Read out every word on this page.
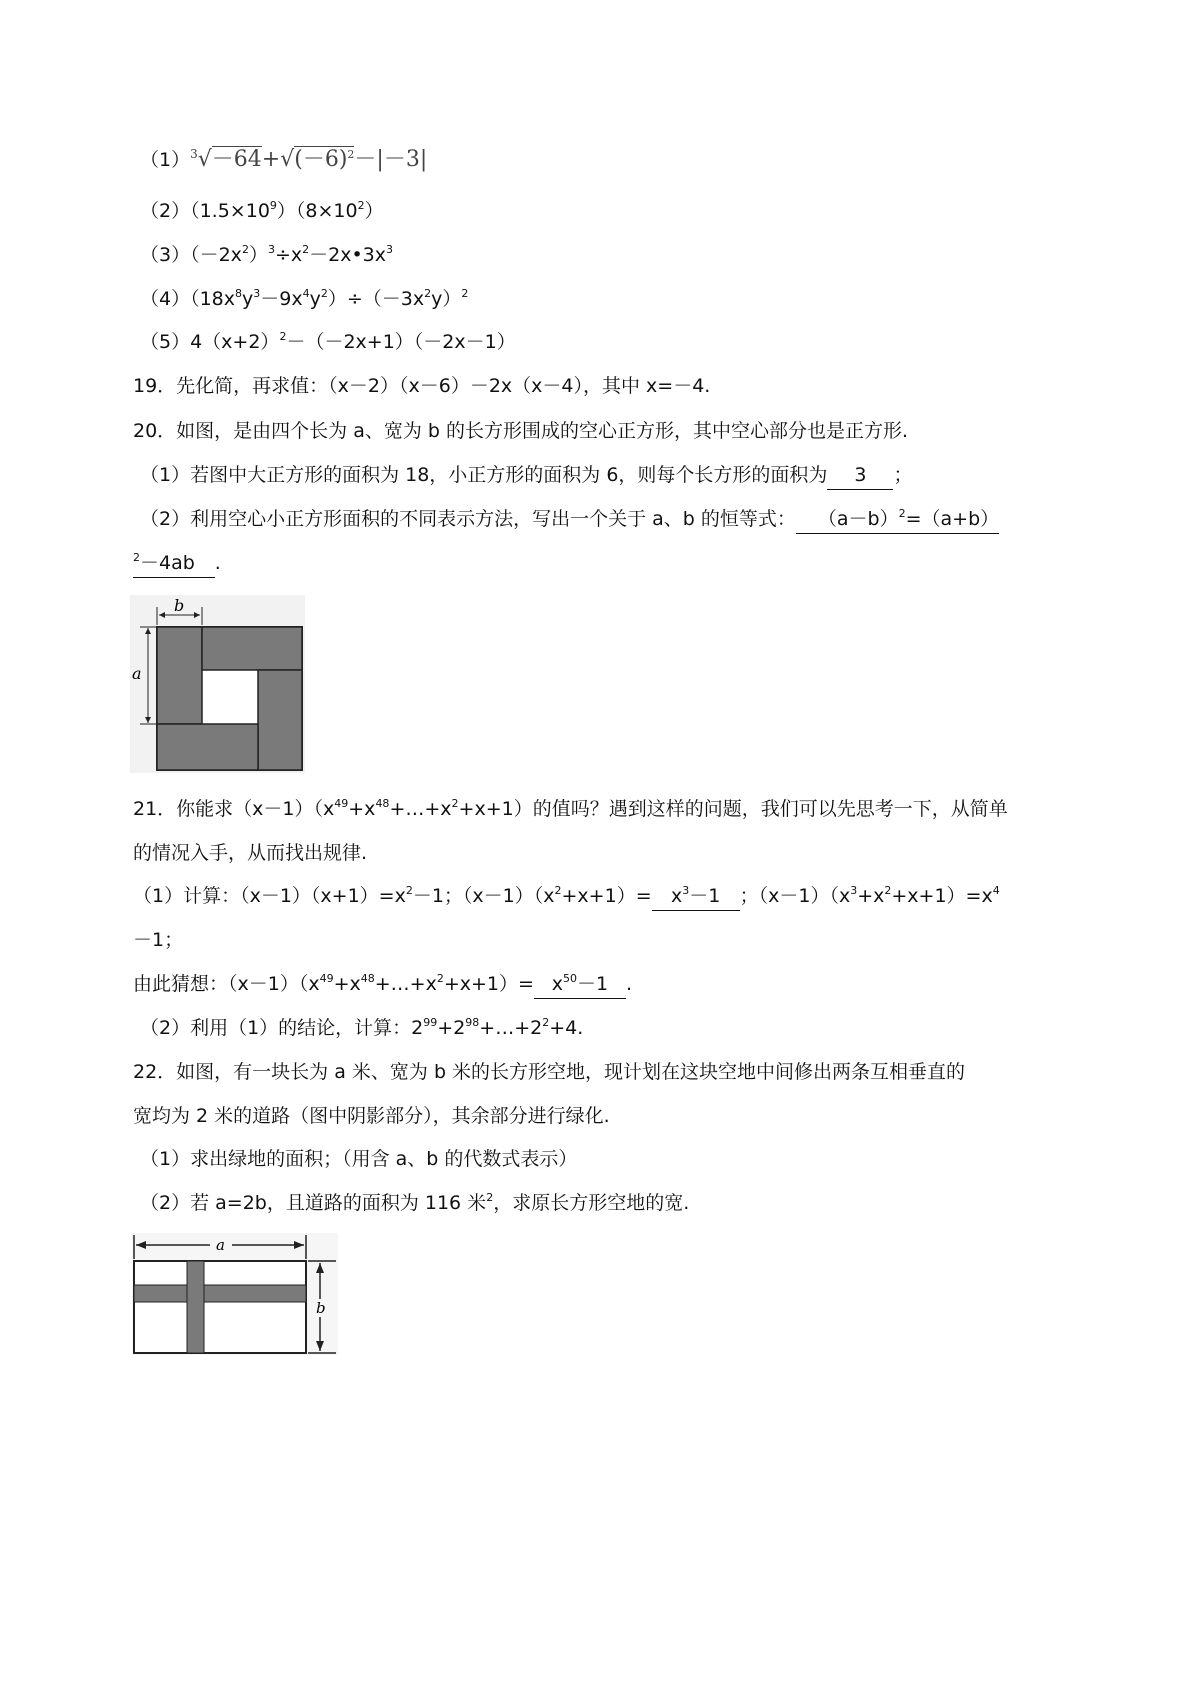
$(1)^3√-64+√(-6)^2-|-3|$
$(2)(1.5\times 10^9)(8\times 10^2)$
$(3)(-2x^2)^3\div x^2-2x•3x^3$
$(4)(18x^8y^3-9x^4y^2)\div(-3x^2y)^2$
$(5)4(x+2)^2-(-2x+1)(-2x-1)$
19．先化简，再求值：（x－2）（x－6）－2x（x－4），其中 x=－4.
20．如图，是由四个长为 a、宽为 b 的长方形围成的空心正方形，其中空心部分也是正方形.
（1）若图中大正方形的面积为 18，小正方形的面积为 6，则每个长方形的面积为 3 ；
（2）利用空心小正方形面积的不同表示方法，写出一个关于 a、b 的恒等式： $(a-b)^2=(a+b)$
$^2$－4ab .
b
a
21．你能求$(x-1)(x^{49}+x^{48}+\dots+x^2+x+1)$的值吗？遇到这样的问题，我们可以先思考一下，从简单
的情况入手，从而找出规律.
（1）计算：$(x-1)(x+1)=x^2-1$；$(x-1)(x^2+x+1)= x^3-1$ ；$(x-1)(x^3+x^2+x+1)=x^4$
－1；
由此猜想：$(x-1)(x^{49}+x^{48}+\dots+x^2+x+1)= x^{50}-1$ .
（2）利用（1）的结论，计算：$2^{99}+2^{98}+\dots+2^2+4$.
22．如图，有一块长为 a 米、宽为 b 米的长方形空地，现计划在这块空地中间修出两条互相垂直的
宽均为 2 米的道路（图中阴影部分），其余部分进行绿化.
（1）求出绿地的面积；（用含 a、b 的代数式表示）
（2）若 a=2b，且道路的面积为 116 米$^2$，求原长方形空地的宽.
a
b
